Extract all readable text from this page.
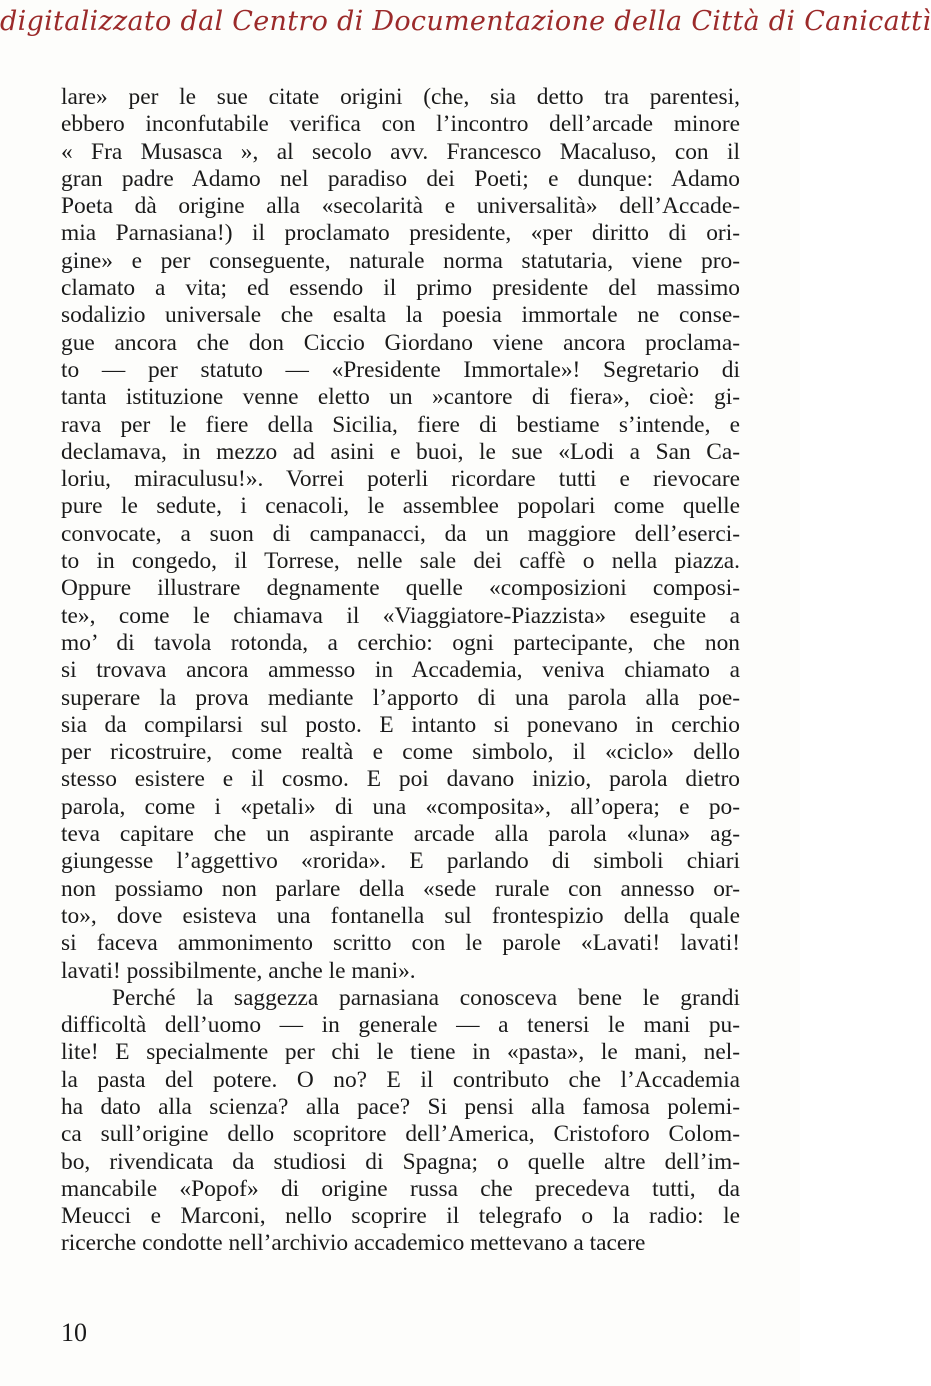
digitalizzato dal Centro di Documentazione della Città di Canicattì
lare» per le sue citate origini (che, sia detto tra parentesi,
ebbero inconfutabile verifica con l’incontro dell’arcade minore
« Fra Musasca », al secolo avv. Francesco Macaluso, con il
gran padre Adamo nel paradiso dei Poeti; e dunque: Adamo
Poeta dà origine alla «secolarità e universalità» dell’Accade-
mia Parnasiana!) il proclamato presidente, «per diritto di ori-
gine» e per conseguente, naturale norma statutaria, viene pro-
clamato a vita; ed essendo il primo presidente del massimo
sodalizio universale che esalta la poesia immortale ne conse-
gue ancora che don Ciccio Giordano viene ancora proclama-
to — per statuto — «Presidente Immortale»! Segretario di
tanta istituzione venne eletto un »cantore di fiera», cioè: gi-
rava per le fiere della Sicilia, fiere di bestiame s’intende, e
declamava, in mezzo ad asini e buoi, le sue «Lodi a San Ca-
loriu, miraculusu!». Vorrei poterli ricordare tutti e rievocare
pure le sedute, i cenacoli, le assemblee popolari come quelle
convocate, a suon di campanacci, da un maggiore dell’eserci-
to in congedo, il Torrese, nelle sale dei caffè o nella piazza.
Oppure illustrare degnamente quelle «composizioni composi-
te», come le chiamava il «Viaggiatore-Piazzista» eseguite a
mo’ di tavola rotonda, a cerchio: ogni partecipante, che non
si trovava ancora ammesso in Accademia, veniva chiamato a
superare la prova mediante l’apporto di una parola alla poe-
sia da compilarsi sul posto. E intanto si ponevano in cerchio
per ricostruire, come realtà e come simbolo, il «ciclo» dello
stesso esistere e il cosmo. E poi davano inizio, parola dietro
parola, come i «petali» di una «composita», all’opera; e po-
teva capitare che un aspirante arcade alla parola «luna» ag-
giungesse l’aggettivo «rorida». E parlando di simboli chiari
non possiamo non parlare della «sede rurale con annesso or-
to», dove esisteva una fontanella sul frontespizio della quale
si faceva ammonimento scritto con le parole «Lavati! lavati!
lavati! possibilmente, anche le mani».
Perché la saggezza parnasiana conosceva bene le grandi
difficoltà dell’uomo — in generale — a tenersi le mani pu-
lite! E specialmente per chi le tiene in «pasta», le mani, nel-
la pasta del potere. O no? E il contributo che l’Accademia
ha dato alla scienza? alla pace? Si pensi alla famosa polemi-
ca sull’origine dello scopritore dell’America, Cristoforo Colom-
bo, rivendicata da studiosi di Spagna; o quelle altre dell’im-
mancabile «Popof» di origine russa che precedeva tutti, da
Meucci e Marconi, nello scoprire il telegrafo o la radio: le
ricerche condotte nell’archivio accademico mettevano a tacere
10
